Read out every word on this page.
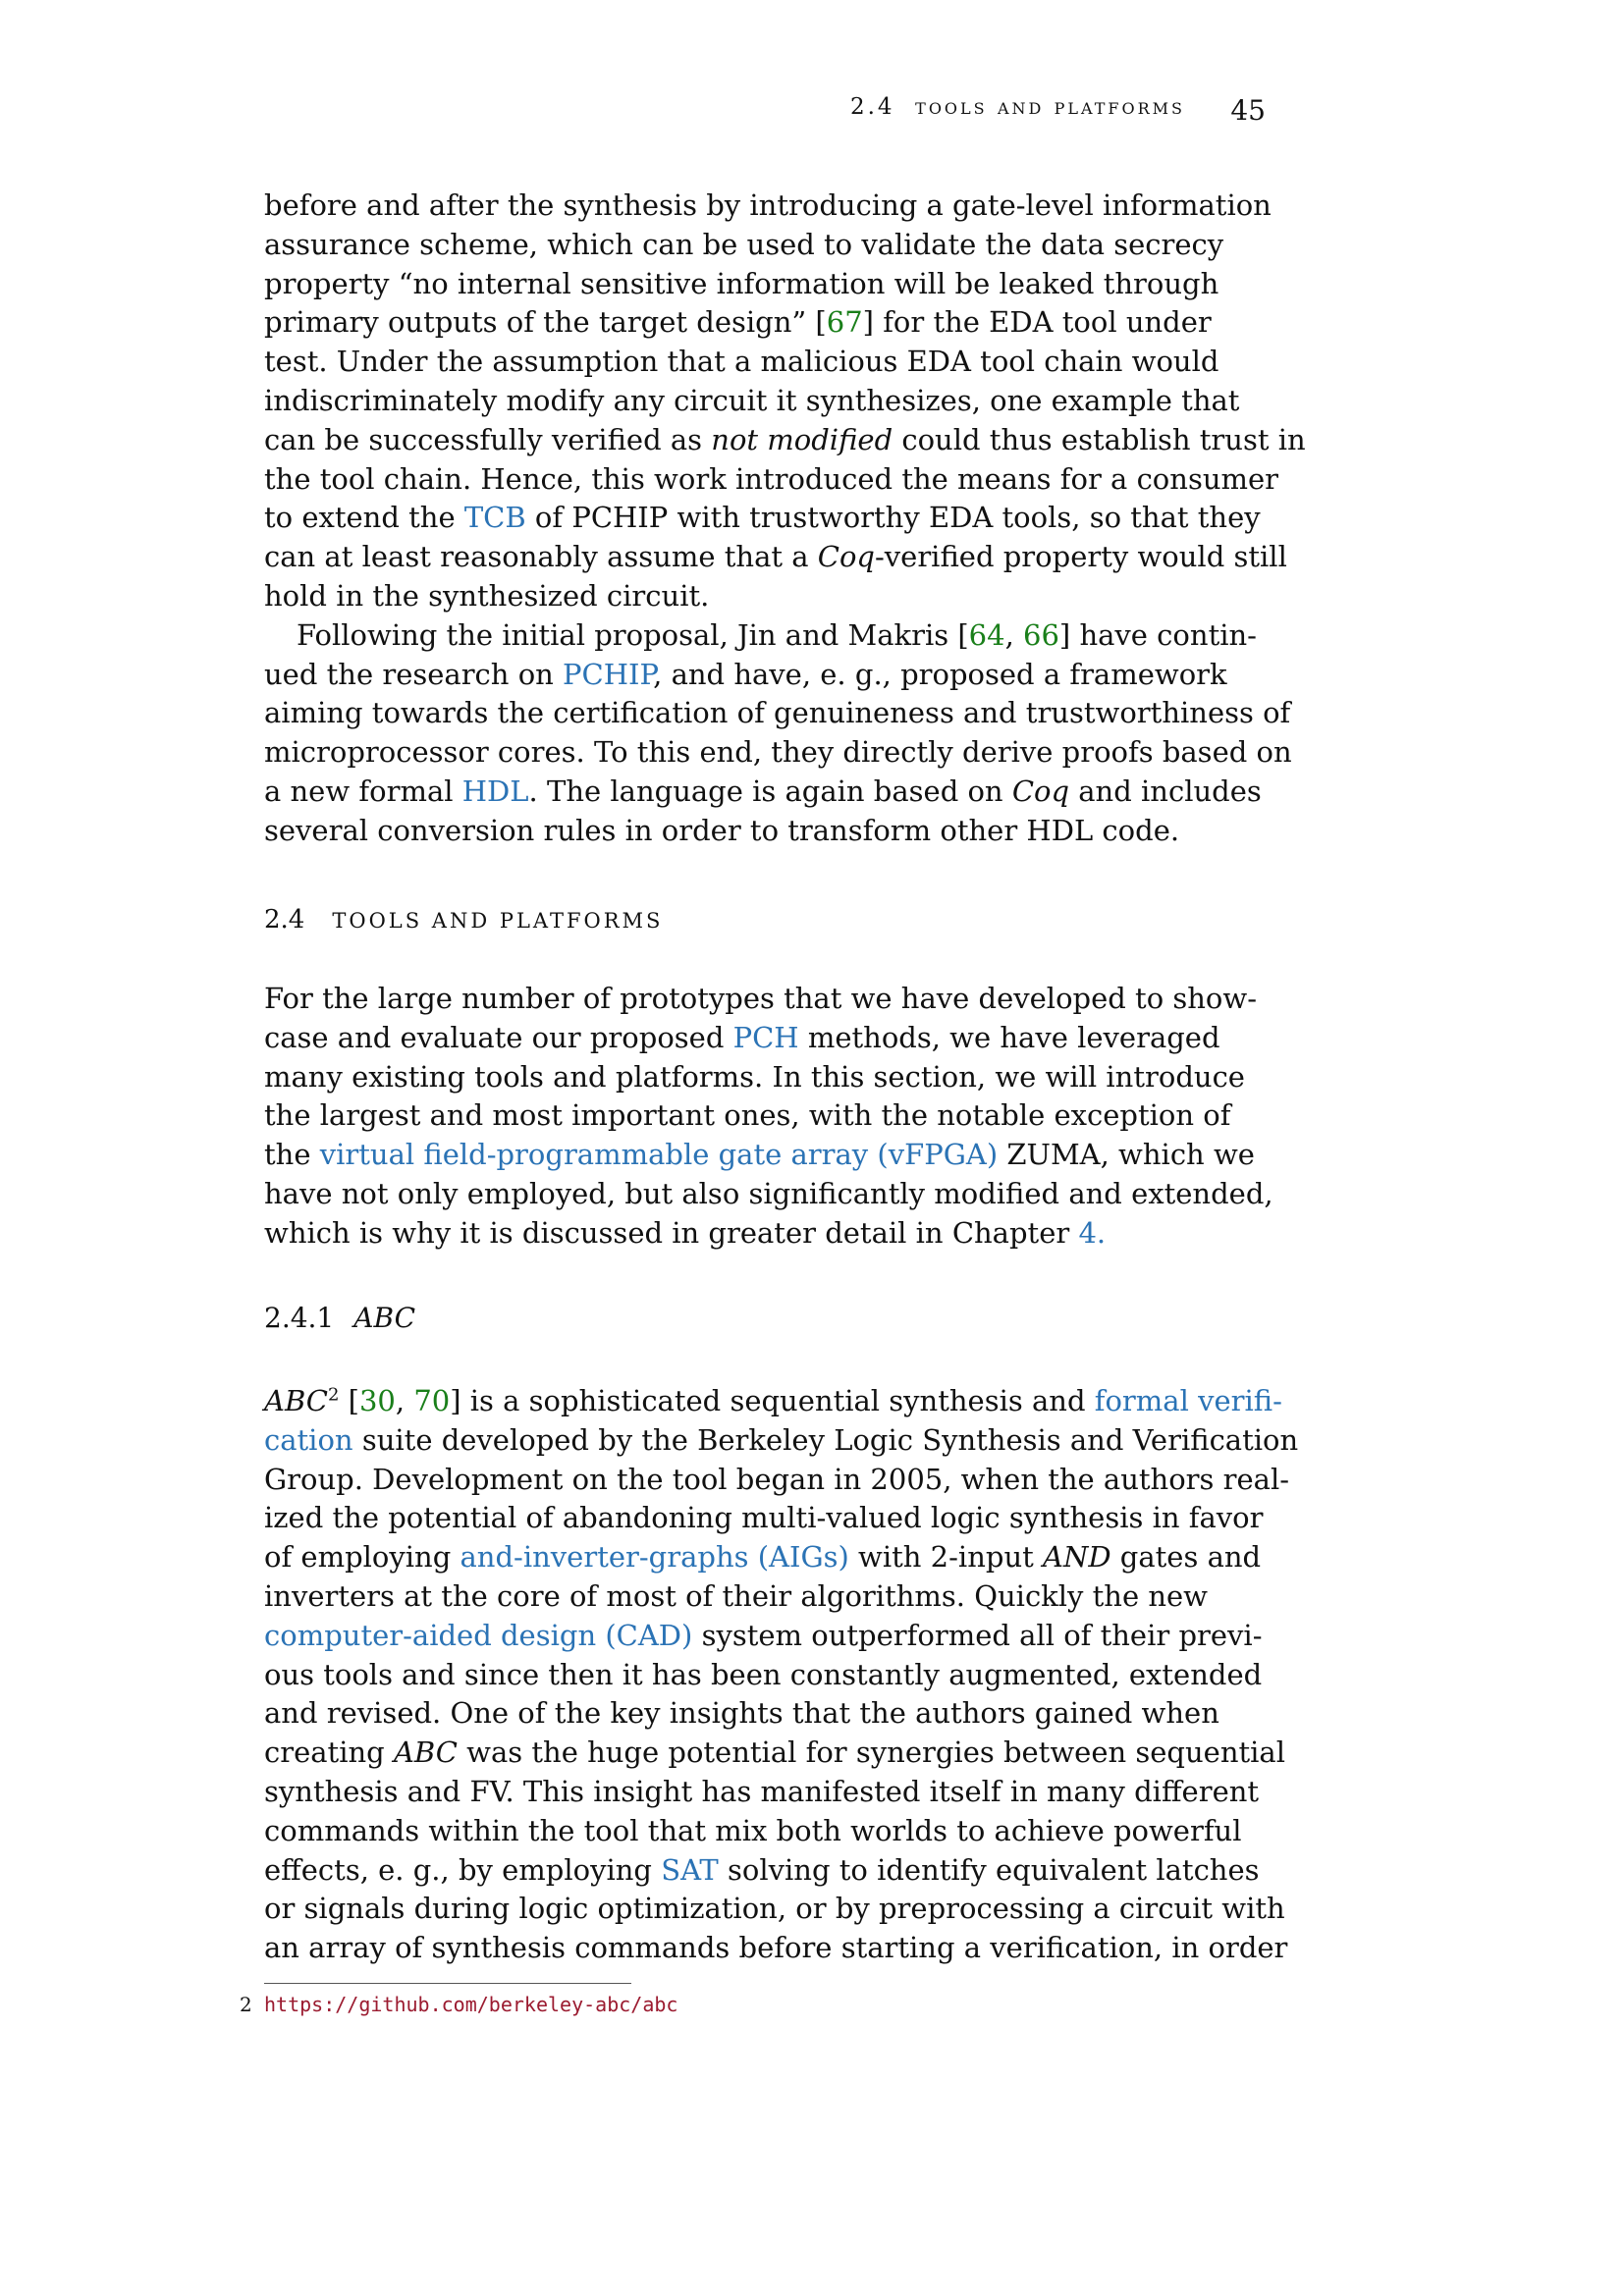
2.4 tools and platforms 45
before and after the synthesis by introducing a gate-level information
assurance scheme, which can be used to validate the data secrecy
property “no internal sensitive information will be leaked through
primary outputs of the target design” [67] for the EDA tool under
test. Under the assumption that a malicious EDA tool chain would
indiscriminately modify any circuit it synthesizes, one example that
can be successfully verified as not modified could thus establish trust in
the tool chain. Hence, this work introduced the means for a consumer
to extend the TCB of PCHIP with trustworthy EDA tools, so that they
can at least reasonably assume that a Coq-verified property would still
hold in the synthesized circuit.
Following the initial proposal, Jin and Makris [64, 66] have contin-
ued the research on PCHIP, and have, e. g., proposed a framework
aiming towards the certification of genuineness and trustworthiness of
microprocessor cores. To this end, they directly derive proofs based on
a new formal HDL. The language is again based on Coq and includes
several conversion rules in order to transform other HDL code.
2.4 TOOLS AND PLATFORMS
For the large number of prototypes that we have developed to show-
case and evaluate our proposed PCH methods, we have leveraged
many existing tools and platforms. In this section, we will introduce
the largest and most important ones, with the notable exception of
the virtual field-programmable gate array (vFPGA) ZUMA, which we
have not only employed, but also significantly modified and extended,
which is why it is discussed in greater detail in Chapter 4.
2.4.1 ABC
ABC$^2$ [30, 70] is a sophisticated sequential synthesis and formal verifi-
cation suite developed by the Berkeley Logic Synthesis and Verification
Group. Development on the tool began in 2005, when the authors real-
ized the potential of abandoning multi-valued logic synthesis in favor
of employing and-inverter-graphs (AIGs) with 2-input AND gates and
inverters at the core of most of their algorithms. Quickly the new
computer-aided design (CAD) system outperformed all of their previ-
ous tools and since then it has been constantly augmented, extended
and revised. One of the key insights that the authors gained when
creating ABC was the huge potential for synergies between sequential
synthesis and FV. This insight has manifested itself in many different
commands within the tool that mix both worlds to achieve powerful
effects, e. g., by employing SAT solving to identify equivalent latches
or signals during logic optimization, or by preprocessing a circuit with
an array of synthesis commands before starting a verification, in order
2 https://github.com/berkeley-abc/abc
